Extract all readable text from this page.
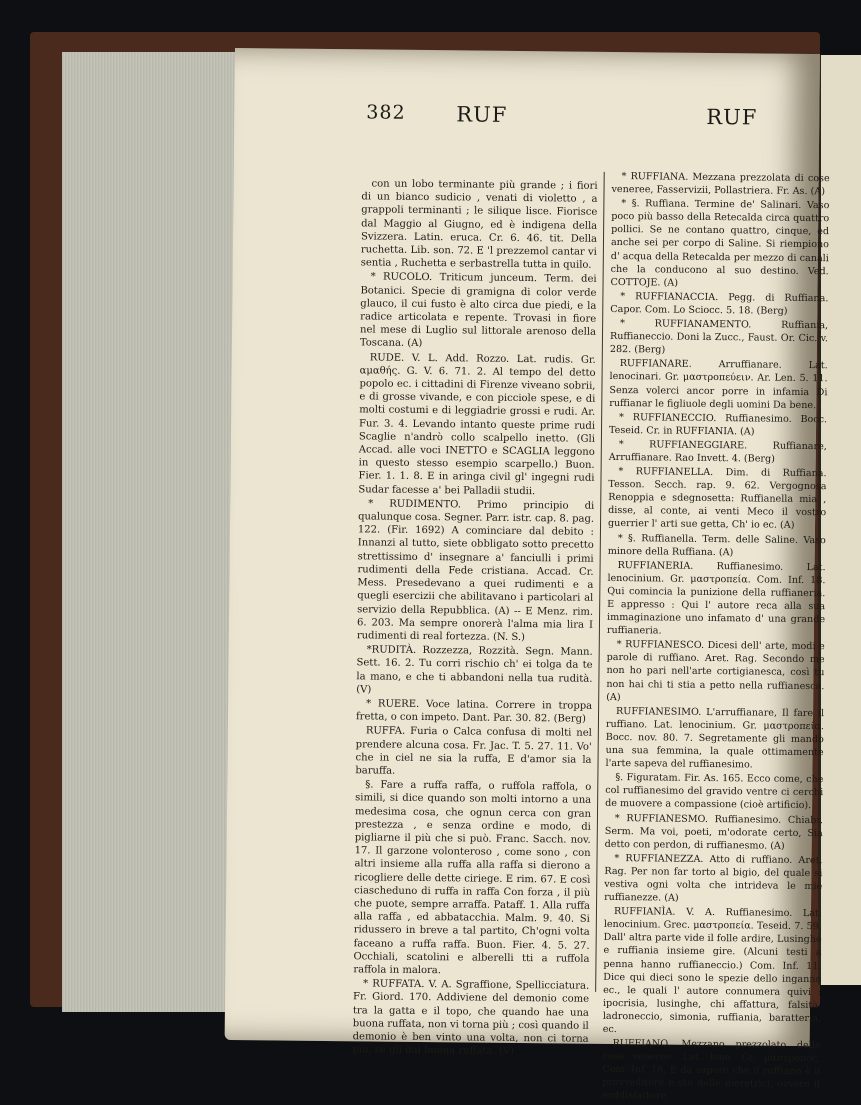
382 RUF	RUF

con un lobo terminante più grande ; i fiori di un bianco sudicio , venati di violetto , a grappoli terminanti ; le siliquе lisce. Fiorisce dal Maggio al Giugno, ed è indigena della Svizzera. Latin. eruca. Cr. 6. 46. tit. Della ruchetta. Lib. son. 72. E 'l prezzemol cantar vi sentia , Ruchetta e serbastrella tutta in quilo.

* RUCOLO. Triticum junceum. Term. dei Botanici. Specie di gramigna di color verde glauco, il cui fusto è alto circa due piedi, e la radice articolata e repente. Trovasi in fiore nel mese di Luglio sul littorale arenoso della Toscana. (A)

RUDE. V. L. Add. Rozzo. Lat. rudis. Gr. αμαθής. G. V. 6. 71. 2. Al tempo del detto popolo ec. i cittadini di Firenze viveano sobrii, e di grosse vivande, e con picciole spese, e di molti costumi e di leggiadrie grossi e rudi. Ar. Fur. 3. 4. Levando intanto queste prime rudi Scaglie n'andrò collo scalpello inetto. (Gli Accad. alle voci INETTO e SCAGLIA leggono in questo stesso esempio scarpello.) Buon. Fier. 1. 1. 8. E in aringa civil gl' ingegni rudi Sudar facesse a' bei Palladii studii.

* RUDIMENTO. Primo principio di qualunque cosa. Segner. Parr. istr. cap. 8. pag. 122. (Fir. 1692) A cominciare dal debito : Innanzi al tutto, siete obbligato sotto precetto strettissimo d' insegnare a' fanciulli i primi rudimenti della Fede cristiana. Accad. Cr. Mess. Presedevano a quei rudimenti e a quegli esercizii che abilitavano i particolari al servizio della Repubblica. (A) -- E Menz. rim. 6. 203. Ma sempre onorerà l'alma mia lira I rudimenti di real fortezza. (N. S.)

*RUDITÀ. Rozzezza, Rozzità. Segn. Mann. Sett. 16. 2. Tu corri rischio ch' ei tolga da te la mano, e che ti abbandoni nella tua rudità. (V)

* RUERE. Voce latina. Correre in troppa fretta, o con impeto. Dant. Par. 30. 82. (Berg)

RUFFA. Furia o Calca confusa di molti nel prendere alcuna cosa. Fr. Jac. T. 5. 27. 11. Vo' che in ciel ne sia la ruffa, E d'amor sia la baruffa.

§. Fare a ruffa raffa, o ruffola raffola, o simili, si dice quando son molti intorno a una medesima cosa, che ognun cerca con gran prestezza , e senza ordine e modo, di pigliarne il più che si può. Franc. Sacch. nov. 17. Il garzone volonteroso , come sono , con altri insieme alla ruffa alla raffa si dierono a ricogliere delle dette ciriege. E rim. 67. E così ciascheduno di ruffa in raffa Con forza , il più che puote, sempre arraffa. Pataff. 1. Alla ruffa alla raffa , ed abbatacchia. Malm. 9. 40. Si ridussero in breve a tal partito, Ch'ogni volta faceano a ruffa raffa. Buon. Fier. 4. 5. 27. Occhiali, scatolini e alberelli tti a ruffola raffola in malora.

* RUFFATA. V. A. Sgraffione, Spellicciatura. Fr. Giord. 170. Addiviene del demonio come tra la gatta e il topo, che quando hae una buona ruffata, non vi torna più ; così quando il demonio è ben vinto una volta, non ci torna più, se gli dai buona ruffata. (V)

* RUFFIANA. Mezzana prezzolata di cose veneree, Fasservizii, Pollastriera. Fr. As. (A)

* §. Ruffiana. Termine de' Salinari. Vaso poco più basso della Retecalda circa quattro pollici. Se ne contano quattro, cinque, ed anche sei per corpo di Saline. Si riempiono d' acqua della Retecalda per mezzo di canali che la conducono al suo destino. Ved. COTTOJE. (A)

* RUFFIANACCIA. Pegg. di Ruffiana. Capor. Com. Lo Sciocc. 5. 18. (Berg)

* RUFFIANAMENTO. Ruffiania, Ruffianeccio. Doni la Zucc., Faust. Or. Cic. v. 282. (Berg)

RUFFIANARE. Arruffianare. Lat. lenocinari. Gr. μαστροπεύειν. Ar. Len. 5. 11. Senza volerci ancor porre in infamia Di ruffianar le figliuole degli uomini Da bene.

* RUFFIANECCIO. Ruffianesimo. Bocc. Teseid. Cr. in RUFFIANIA. (A)

* RUFFIANEGGIARE. Ruffianare, Arruffianare. Rao Invett. 4. (Berg)

* RUFFIANELLA. Dim. di Ruffiana. Tesson. Secch. rap. 9. 62. Vergognosa Renoppia e sdegnosetta: Ruffianella mia , disse, al conte, ai venti Meco il vostro guerrier l' arti sue getta, Ch' io ec. (A)

* §. Ruffianella. Term. delle Saline. Vaso minore della Ruffiana. (A)

RUFFIANERIA. Ruffianesimo. Lat. lenocinium. Gr. μαστροπεία. Com. Inf. 18. Qui comincia la punizione della ruffianeria. E appresso : Qui l' autore reca alla sua immaginazione uno infamato d' una grande ruffianeria.

* RUFFIANESCO. Dicesi dell' arte, modi e parole di ruffiano. Aret. Rag. Secondo me non ho pari nell'arte cortigianesca, così tu non hai chi ti stia a petto nella ruffianesca. (A)

RUFFIANESIMO. L'arruffianare, Il fare il ruffiano. Lat. lenocinium. Gr. μαστροπεία. Bocc. nov. 80. 7. Segretamente gli mandò una sua femmina, la quale ottimamente l'arte sapeva del ruffianesimo.

§. Figuratam. Fir. As. 165. Ecco come, che col ruffianesimo del gravido ventre ci cerchi de muovere a compassione (cioè artificio).

* RUFFIANESMO. Ruffianesimo. Chiabr. Serm. Ma voi, poeti, m'odorate certo, Sia detto con perdon, di ruffianesmo. (A)

* RUFFIANEZZA. Atto di ruffiano. Aret. Rag. Per non far torto al bigio, del quale si vestiva ogni volta che intrideva le mie ruffianezze. (A)

RUFFIANÌA. V. A. Ruffianesimo. Lat. lenocinium. Grec. μαστροπεία. Teseid. 7. 59. Dall' altra parte vide il folle ardire, Lusinghe e ruffiania insieme gire. (Alcuni testi a penna hanno ruffianeccio.) Com. Inf. 11. Dice qui dieci sono le spezie dello inganno ec., le quali l' autore connumera quivi : ipocrisia, lusinghe, chi affattura, falsità, ladroneccio, simonia, ruffiania, baratteria, ec.

RUFFIANO. Mezzano prezzolato delle cose veneree. Lat. leno. Gr. μαστροπός. Com. Inf. 18. E da sapere che il ruffiano è il provveditore e sto delle meretrici, ovvero il soddisfattore
